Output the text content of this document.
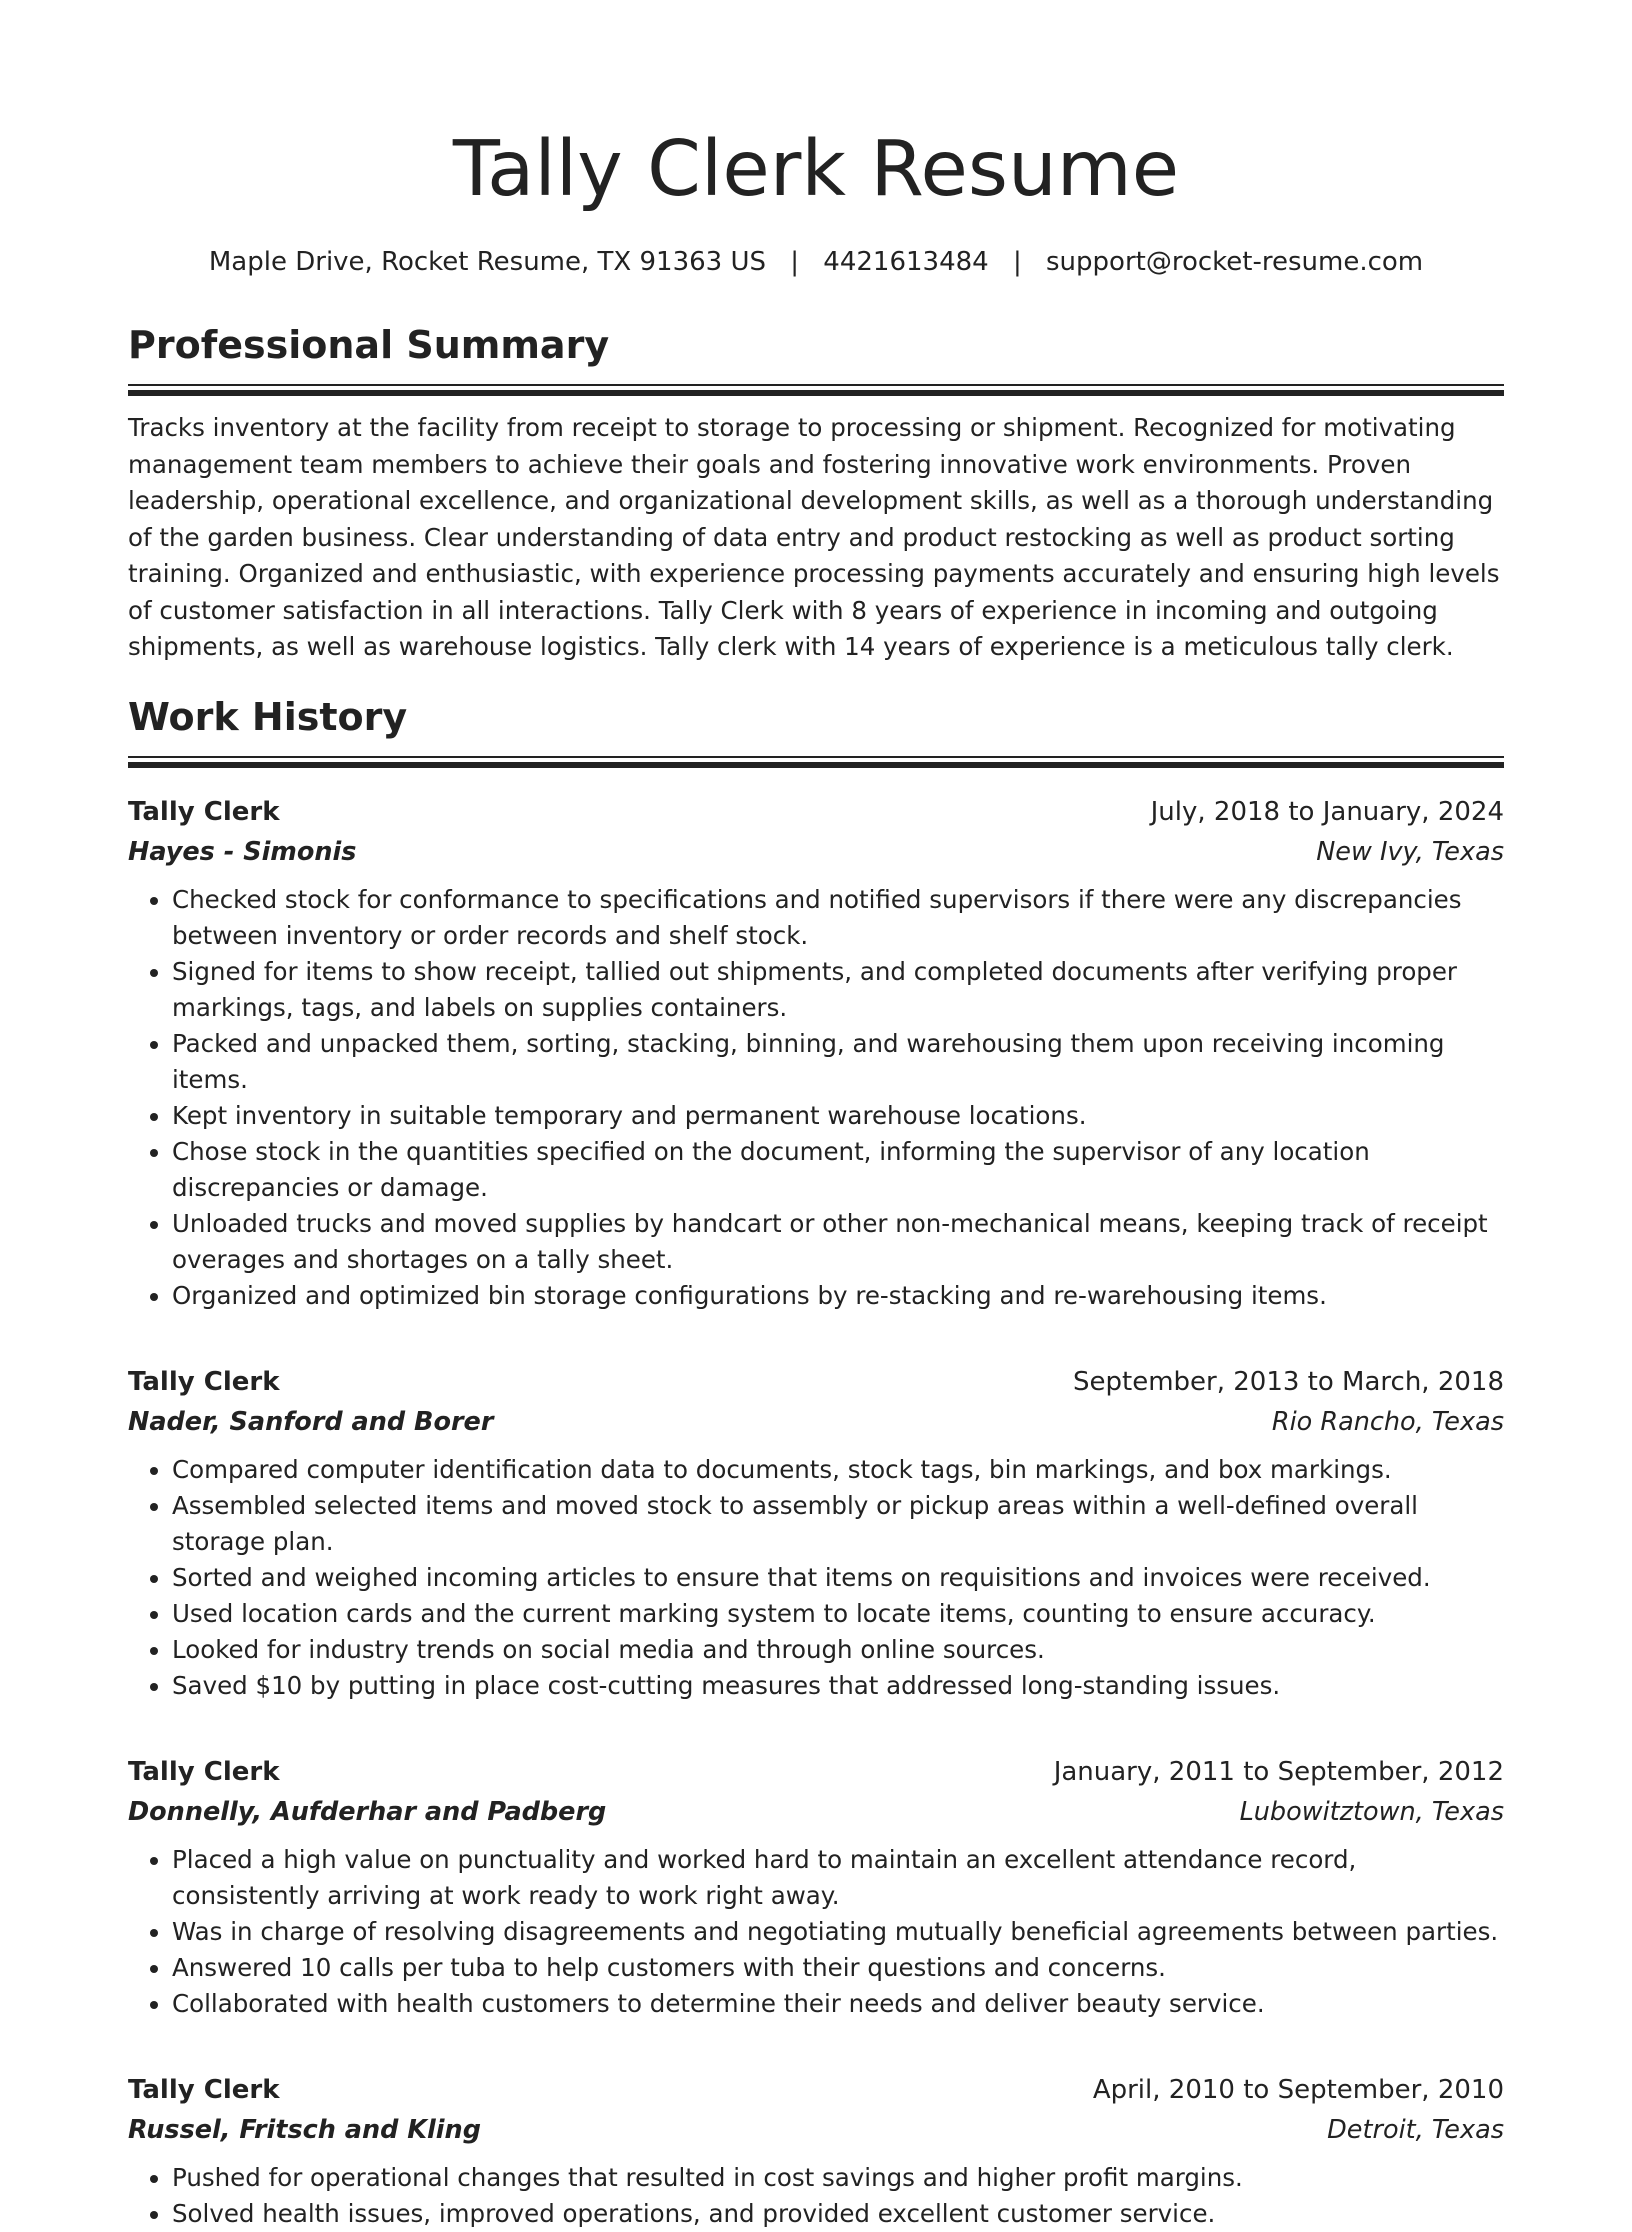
Tally Clerk Resume
Maple Drive, Rocket Resume, TX 91363 US | 4421613484 | support@rocket-resume.com
Professional Summary

Tracks inventory at the facility from receipt to storage to processing or shipment. Recognized for motivating management team members to achieve their goals and fostering innovative work environments. Proven leadership, operational excellence, and organizational development skills, as well as a thorough understanding of the garden business. Clear understanding of data entry and product restocking as well as product sorting training. Organized and enthusiastic, with experience processing payments accurately and ensuring high levels of customer satisfaction in all interactions. Tally Clerk with 8 years of experience in incoming and outgoing shipments, as well as warehouse logistics. Tally clerk with 14 years of experience is a meticulous tally clerk.

Work History
Tally Clerk	July, 2018 to January, 2024
Hayes - Simonis	New Ivy, Texas
• Checked stock for conformance to specifications and notified supervisors if there were any discrepancies between inventory or order records and shelf stock.
• Signed for items to show receipt, tallied out shipments, and completed documents after verifying proper markings, tags, and labels on supplies containers.
• Packed and unpacked them, sorting, stacking, binning, and warehousing them upon receiving incoming items.
• Kept inventory in suitable temporary and permanent warehouse locations.
• Chose stock in the quantities specified on the document, informing the supervisor of any location discrepancies or damage.
• Unloaded trucks and moved supplies by handcart or other non-mechanical means, keeping track of receipt overages and shortages on a tally sheet.
• Organized and optimized bin storage configurations by re-stacking and re-warehousing items.
Tally Clerk	September, 2013 to March, 2018
Nader, Sanford and Borer	Rio Rancho, Texas
• Compared computer identification data to documents, stock tags, bin markings, and box markings.
• Assembled selected items and moved stock to assembly or pickup areas within a well-defined overall storage plan.
• Sorted and weighed incoming articles to ensure that items on requisitions and invoices were received.
• Used location cards and the current marking system to locate items, counting to ensure accuracy.
• Looked for industry trends on social media and through online sources.
• Saved $10 by putting in place cost-cutting measures that addressed long-standing issues.
Tally Clerk	January, 2011 to September, 2012
Donnelly, Aufderhar and Padberg	Lubowitztown, Texas
• Placed a high value on punctuality and worked hard to maintain an excellent attendance record, consistently arriving at work ready to work right away.
• Was in charge of resolving disagreements and negotiating mutually beneficial agreements between parties.
• Answered 10 calls per tuba to help customers with their questions and concerns.
• Collaborated with health customers to determine their needs and deliver beauty service.
Tally Clerk	April, 2010 to September, 2010
Russel, Fritsch and Kling	Detroit, Texas
• Pushed for operational changes that resulted in cost savings and higher profit margins.
• Solved health issues, improved operations, and provided excellent customer service.
